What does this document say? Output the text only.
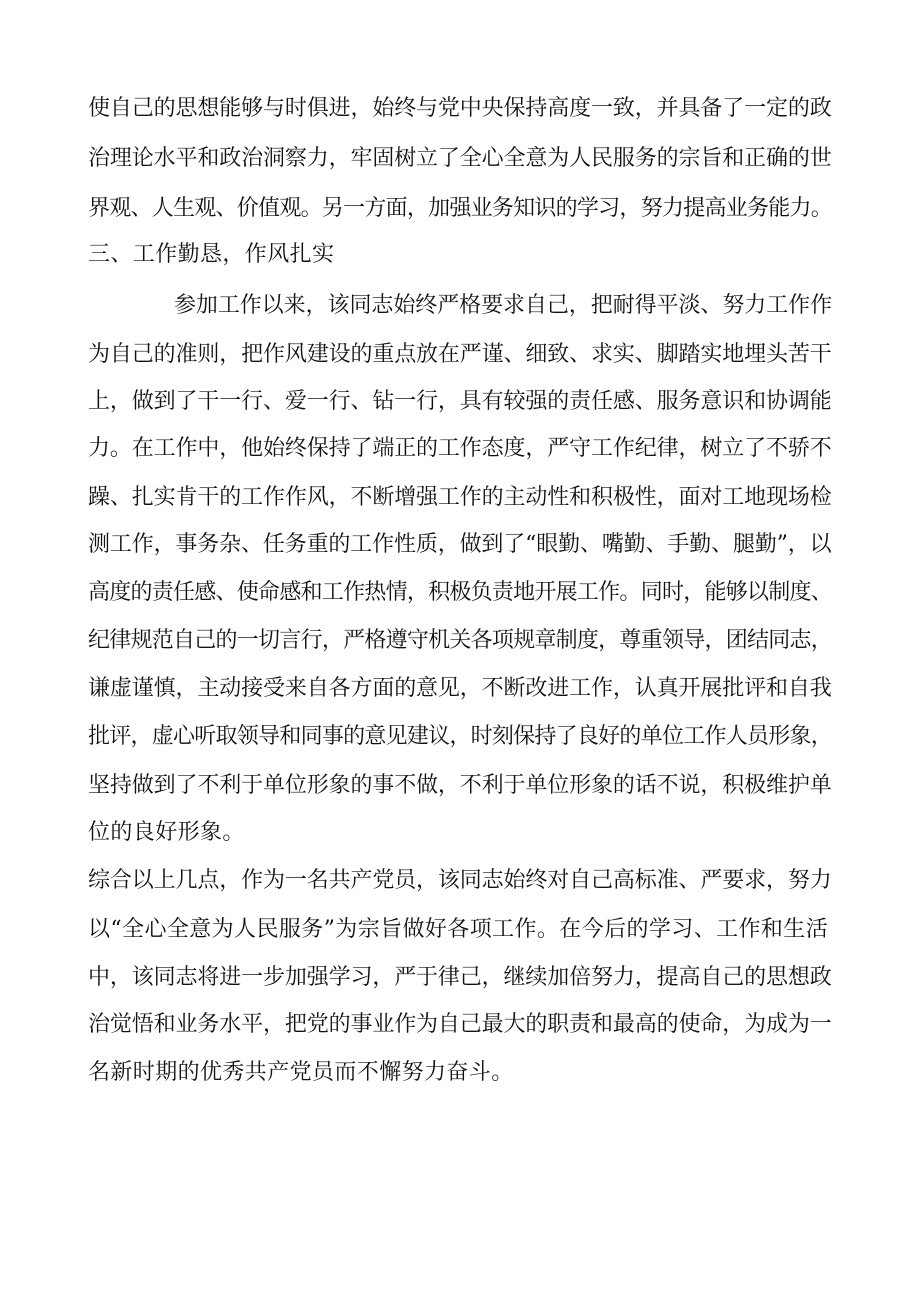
使自己的思想能够与时俱进，始终与党中央保持高度一致，并具备了一定的政
治理论水平和政治洞察力，牢固树立了全心全意为人民服务的宗旨和正确的世
界观、人生观、价值观。另一方面，加强业务知识的学习，努力提高业务能力。
三、工作勤恳，作风扎实
参加工作以来，该同志始终严格要求自己，把耐得平淡、努力工作作
为自己的准则，把作风建设的重点放在严谨、细致、求实、脚踏实地埋头苦干
上，做到了干一行、爱一行、钻一行，具有较强的责任感、服务意识和协调能
力。在工作中，他始终保持了端正的工作态度，严守工作纪律，树立了不骄不
躁、扎实肯干的工作作风，不断增强工作的主动性和积极性，面对工地现场检
测工作，事务杂、任务重的工作性质，做到了“眼勤、嘴勤、手勤、腿勤”，以
高度的责任感、使命感和工作热情，积极负责地开展工作。同时，能够以制度、
纪律规范自己的一切言行，严格遵守机关各项规章制度，尊重领导，团结同志，
谦虚谨慎，主动接受来自各方面的意见，不断改进工作，认真开展批评和自我
批评，虚心听取领导和同事的意见建议，时刻保持了良好的单位工作人员形象，
坚持做到了不利于单位形象的事不做，不利于单位形象的话不说，积极维护单
位的良好形象。
综合以上几点，作为一名共产党员，该同志始终对自己高标准、严要求，努力
以“全心全意为人民服务”为宗旨做好各项工作。在今后的学习、工作和生活
中，该同志将进一步加强学习，严于律己，继续加倍努力，提高自己的思想政
治觉悟和业务水平，把党的事业作为自己最大的职责和最高的使命，为成为一
名新时期的优秀共产党员而不懈努力奋斗。
